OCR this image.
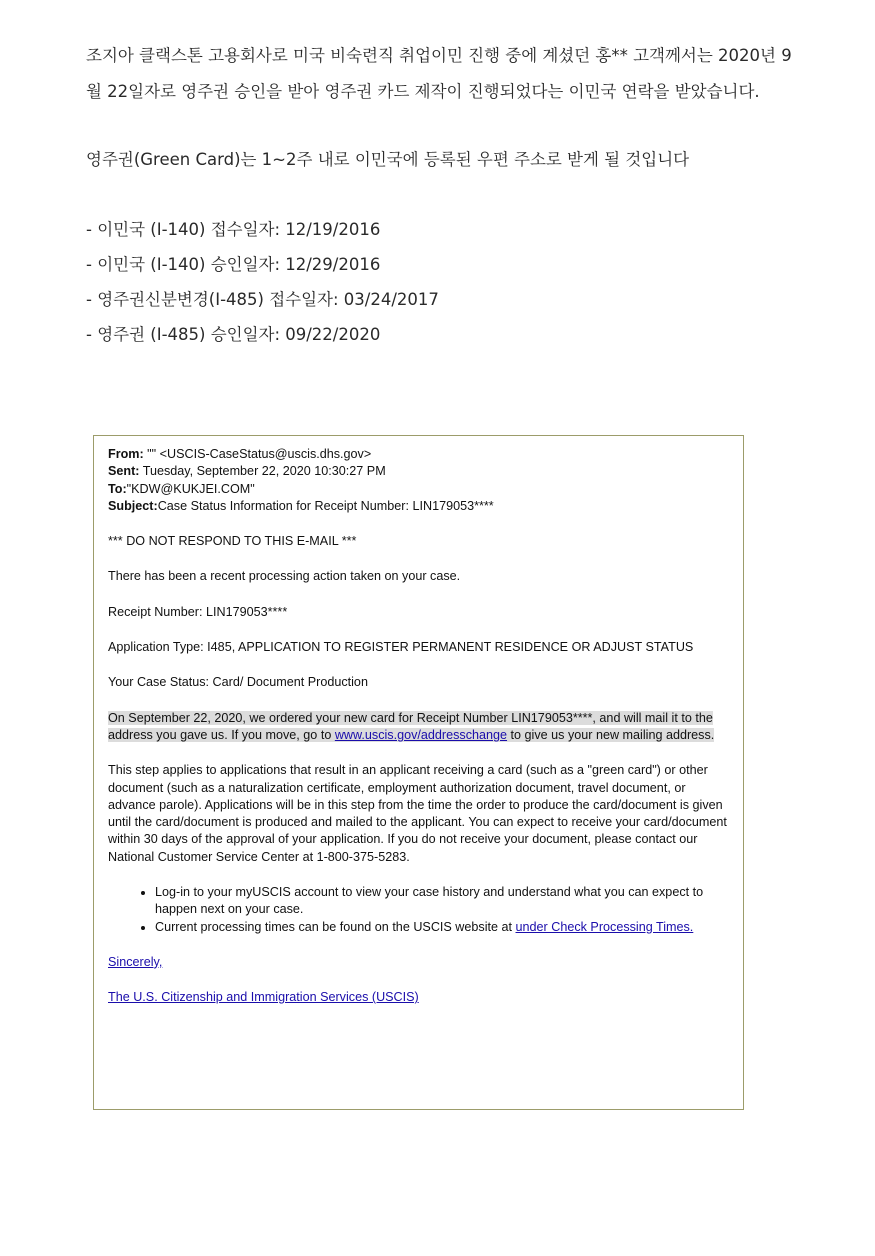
조지아 클랙스톤 고용회사로 미국 비숙련직 취업이민 진행 중에 계셨던 홍** 고객께서는 2020년 9월 22일자로 영주권 승인을 받아 영주권 카드 제작이 진행되었다는 이민국 연락을 받았습니다.

영주권(Green Card)는 1~2주 내로 이민국에 등록된 우편 주소로 받게 될 것입니다

- 이민국 (I-140) 접수일자: 12/19/2016
- 이민국 (I-140) 승인일자: 12/29/2016
- 영주권신분변경(I-485) 접수일자: 03/24/2017
- 영주권 (I-485) 승인일자: 09/22/2020

From: "" <USCIS-CaseStatus@uscis.dhs.gov>

Sent: Tuesday, September 22, 2020 10:30:27 PM

To:"KDW@KUKJEI.COM"

Subject:Case Status Information for Receipt Number: LIN179053****

*** DO NOT RESPOND TO THIS E-MAIL ***

There has been a recent processing action taken on your case.

Receipt Number: LIN179053****

Application Type: I485, APPLICATION TO REGISTER PERMANENT RESIDENCE OR ADJUST STATUS

Your Case Status: Card/ Document Production

On September 22, 2020, we ordered your new card for Receipt Number LIN179053****, and will mail it to the address you gave us. If you move, go to www.uscis.gov/addresschange to give us your new mailing address.

This step applies to applications that result in an applicant receiving a card (such as a "green card") or other document (such as a naturalization certificate, employment authorization document, travel document, or advance parole). Applications will be in this step from the time the order to produce the card/document is given until the card/document is produced and mailed to the applicant. You can expect to receive your card/document within 30 days of the approval of your application. If you do not receive your document, please contact our National Customer Service Center at 1-800-375-5283.

• Log-in to your myUSCIS account to view your case history and understand what you can expect to happen next on your case.
• Current processing times can be found on the USCIS website at under Check Processing Times.

Sincerely,

The U.S. Citizenship and Immigration Services (USCIS)
